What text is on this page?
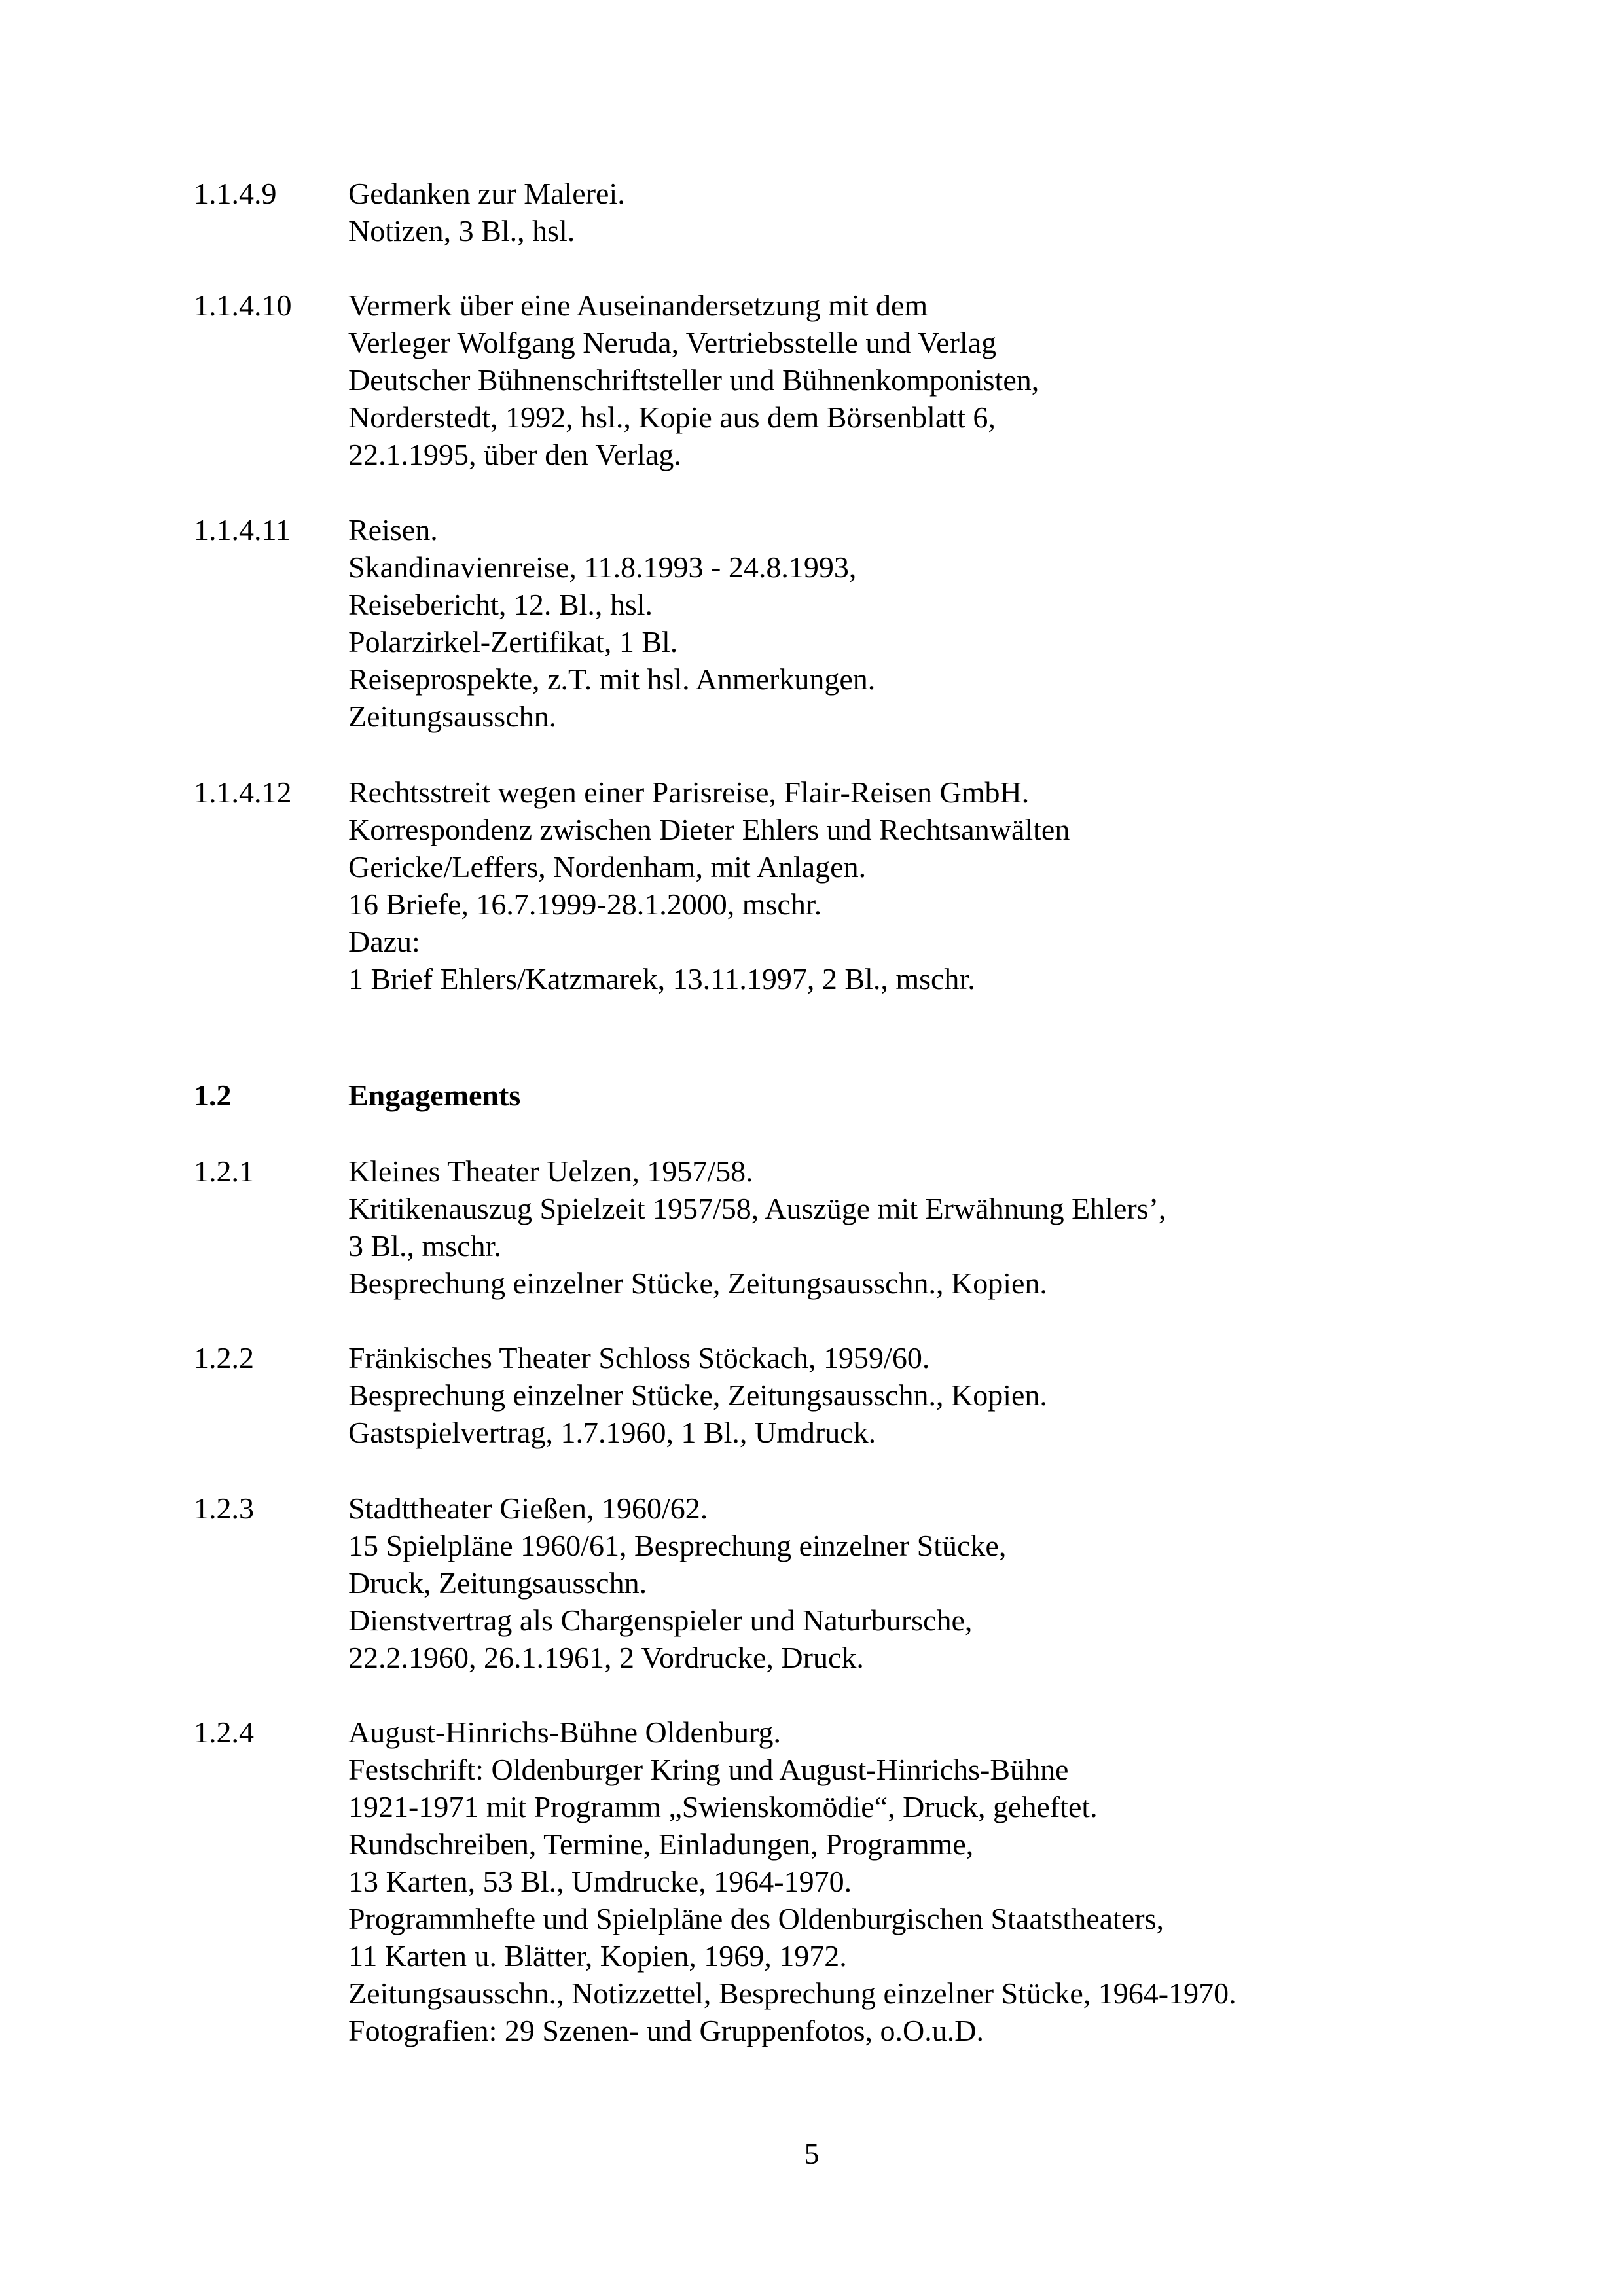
1.1.4.9	Gedanken zur Malerei.
Notizen, 3 Bl., hsl.
1.1.4.10	Vermerk über eine Auseinandersetzung mit dem
Verleger Wolfgang Neruda, Vertriebsstelle und Verlag
Deutscher Bühnenschriftsteller und Bühnenkomponisten,
Norderstedt, 1992, hsl., Kopie aus dem Börsenblatt 6,
22.1.1995, über den Verlag.
1.1.4.11	Reisen.
Skandinavienreise, 11.8.1993 - 24.8.1993,
Reisebericht, 12. Bl., hsl.
Polarzirkel-Zertifikat, 1 Bl.
Reiseprospekte, z.T. mit hsl. Anmerkungen.
Zeitungsausschn.
1.1.4.12	Rechtsstreit wegen einer Parisreise, Flair-Reisen GmbH.
Korrespondenz zwischen Dieter Ehlers und Rechtsanwälten
Gericke/Leffers, Nordenham, mit Anlagen.
16 Briefe, 16.7.1999-28.1.2000, mschr.
Dazu:
1 Brief Ehlers/Katzmarek, 13.11.1997, 2 Bl., mschr.
1.2	Engagements
1.2.1	Kleines Theater Uelzen, 1957/58.
Kritikenauszug Spielzeit 1957/58, Auszüge mit Erwähnung Ehlers’,
3 Bl., mschr.
Besprechung einzelner Stücke, Zeitungsausschn., Kopien.
1.2.2	Fränkisches Theater Schloss Stöckach, 1959/60.
Besprechung einzelner Stücke, Zeitungsausschn., Kopien.
Gastspielvertrag, 1.7.1960, 1 Bl., Umdruck.
1.2.3	Stadttheater Gießen, 1960/62.
15 Spielpläne 1960/61, Besprechung einzelner Stücke,
Druck, Zeitungsausschn.
Dienstvertrag als Chargenspieler und Naturbursche,
22.2.1960, 26.1.1961, 2 Vordrucke, Druck.
1.2.4	August-Hinrichs-Bühne Oldenburg.
Festschrift: Oldenburger Kring und August-Hinrichs-Bühne
1921-1971 mit Programm „Swienskomödie“, Druck, geheftet.
Rundschreiben, Termine, Einladungen, Programme,
13 Karten, 53 Bl., Umdrucke, 1964-1970.
Programmhefte und Spielpläne des Oldenburgischen Staatstheaters,
11 Karten u. Blätter, Kopien, 1969, 1972.
Zeitungsausschn., Notizzettel, Besprechung einzelner Stücke, 1964-1970.
Fotografien: 29 Szenen- und Gruppenfotos, o.O.u.D.
5
